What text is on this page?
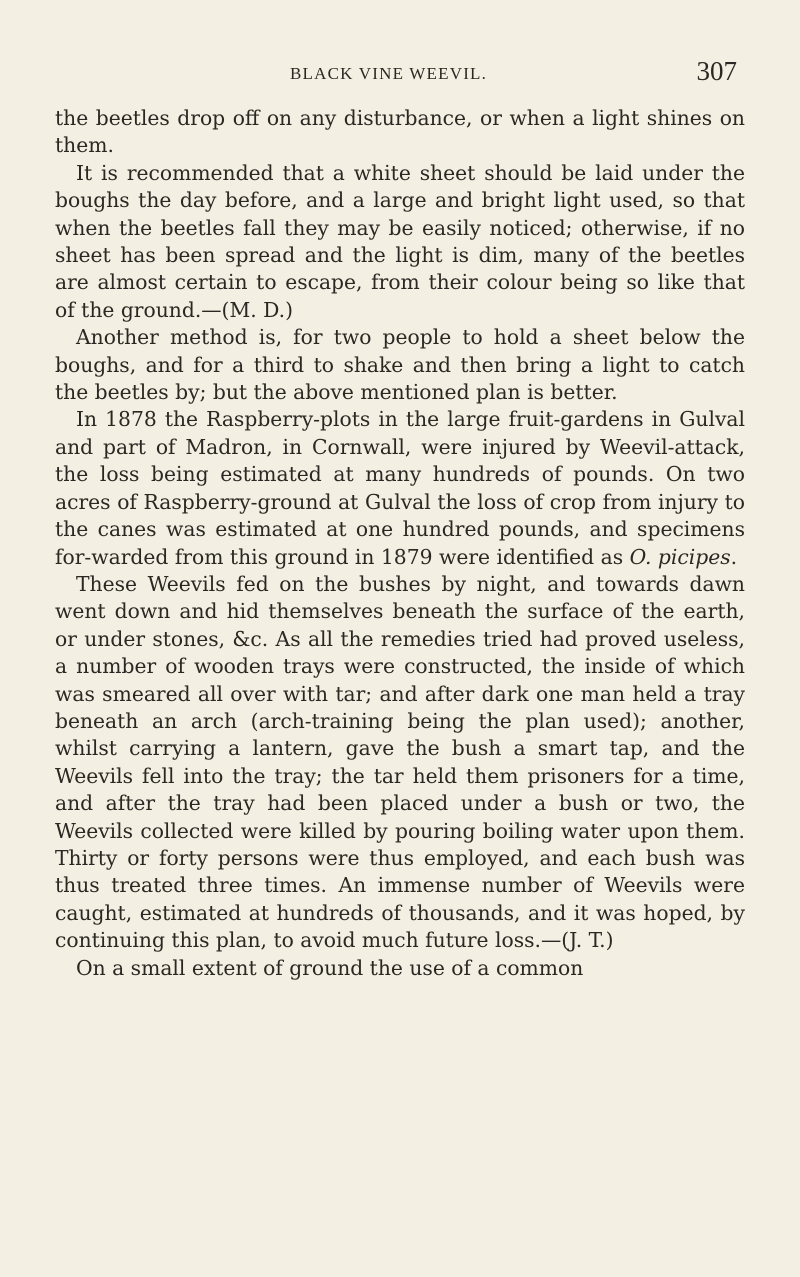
BLACK VINE WEEVIL.	307

the beetles drop off on any disturbance, or when a light shines on them.

It is recommended that a white sheet should be laid under the boughs the day before, and a large and bright light used, so that when the beetles fall they may be easily noticed; otherwise, if no sheet has been spread and the light is dim, many of the beetles are almost certain to escape, from their colour being so like that of the ground.—(M. D.)

Another method is, for two people to hold a sheet below the boughs, and for a third to shake and then bring a light to catch the beetles by; but the above mentioned plan is better.

In 1878 the Raspberry-plots in the large fruit-gardens in Gulval and part of Madron, in Cornwall, were injured by Weevil-attack, the loss being estimated at many hundreds of pounds. On two acres of Raspberry-ground at Gulval the loss of crop from injury to the canes was estimated at one hundred pounds, and specimens for-warded from this ground in 1879 were identified as O. picipes.

These Weevils fed on the bushes by night, and towards dawn went down and hid themselves beneath the surface of the earth, or under stones, &c. As all the remedies tried had proved useless, a number of wooden trays were constructed, the inside of which was smeared all over with tar; and after dark one man held a tray beneath an arch (arch-training being the plan used); another, whilst carrying a lantern, gave the bush a smart tap, and the Weevils fell into the tray; the tar held them prisoners for a time, and after the tray had been placed under a bush or two, the Weevils collected were killed by pouring boiling water upon them. Thirty or forty persons were thus employed, and each bush was thus treated three times. An immense number of Weevils were caught, estimated at hundreds of thousands, and it was hoped, by continuing this plan, to avoid much future loss.—(J. T.)

On a small extent of ground the use of a common
